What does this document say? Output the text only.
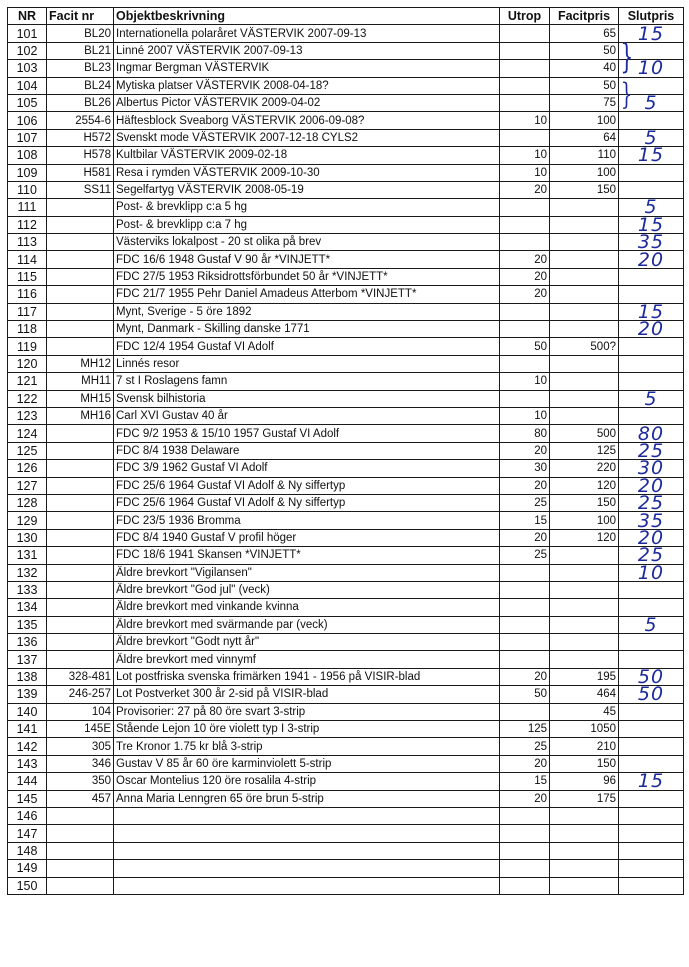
NR	Facit nr	Objektbeskrivning	Utrop	Facitpris	Slutpris
101	BL20	Internationella polaråret VÄSTERVIK 2007-09-13		65	15
102	BL21	Linné 2007 VÄSTERVIK 2007-09-13		50	
103	BL23	Ingmar Bergman VÄSTERVIK		40	10
104	BL24	Mytiska platser VÄSTERVIK 2008-04-18?		50	
105	BL26	Albertus Pictor VÄSTERVIK 2009-04-02		75	5
106	2554-6	Häftesblock Sveaborg VÄSTERVIK 2006-09-08?	10	100	
107	H572	Svenskt mode VÄSTERVIK 2007-12-18 CYLS2		64	5
108	H578	Kultbilar VÄSTERVIK 2009-02-18	10	110	15
109	H581	Resa i rymden VÄSTERVIK 2009-10-30	10	100	
110	SS11	Segelfartyg VÄSTERVIK 2008-05-19	20	150	
111		Post- & brevklipp c:a 5 hg			5
112		Post- & brevklipp c:a 7 hg			15
113		Västerviks lokalpost - 20 st olika på brev			35
114		FDC 16/6 1948 Gustaf V 90 år *VINJETT*	20		20
115		FDC 27/5 1953 Riksidrottsförbundet 50 år *VINJETT*	20		
116		FDC 21/7 1955 Pehr Daniel Amadeus Atterbom *VINJETT*	20		
117		Mynt, Sverige - 5 öre 1892			15
118		Mynt, Danmark - Skilling danske 1771			20
119		FDC 12/4 1954 Gustaf VI Adolf	50	500?	
120	MH12	Linnés resor			
121	MH11	7 st I Roslagens famn	10		
122	MH15	Svensk bilhistoria			5
123	MH16	Carl XVI Gustav 40 år	10		
124		FDC 9/2 1953 & 15/10 1957 Gustaf VI Adolf	80	500	80
125		FDC 8/4 1938 Delaware	20	125	25
126		FDC 3/9 1962 Gustaf VI Adolf	30	220	30
127		FDC 25/6 1964 Gustaf VI Adolf & Ny siffertyp	20	120	20
128		FDC 25/6 1964 Gustaf VI Adolf & Ny siffertyp	25	150	25
129		FDC 23/5 1936 Bromma	15	100	35
130		FDC 8/4 1940 Gustaf V profil höger	20	120	20
131		FDC 18/6 1941 Skansen *VINJETT*	25		25
132		Äldre brevkort "Vigilansen"			10
133		Äldre brevkort "God jul" (veck)			
134		Äldre brevkort med vinkande kvinna			
135		Äldre brevkort med svärmande par (veck)			5
136		Äldre brevkort "Godt nytt år"			
137		Äldre brevkort med vinnymf			
138	328-481	Lot postfriska svenska frimärken 1941 - 1956 på VISIR-blad	20	195	50
139	246-257	Lot Postverket 300 år 2-sid på VISIR-blad	50	464	50
140	104	Provisorier: 27 på 80 öre svart 3-strip		45	
141	145E	Stående Lejon 10 öre violett typ I 3-strip	125	1050	
142	305	Tre Kronor 1.75 kr blå 3-strip	25	210	
143	346	Gustav V 85 år 60 öre karminviolett 5-strip	20	150	
144	350	Oscar Montelius 120 öre rosalila 4-strip	15	96	15
145	457	Anna Maria Lenngren 65 öre brun 5-strip	20	175	
146					
147					
148					
149					
150					
}
}
